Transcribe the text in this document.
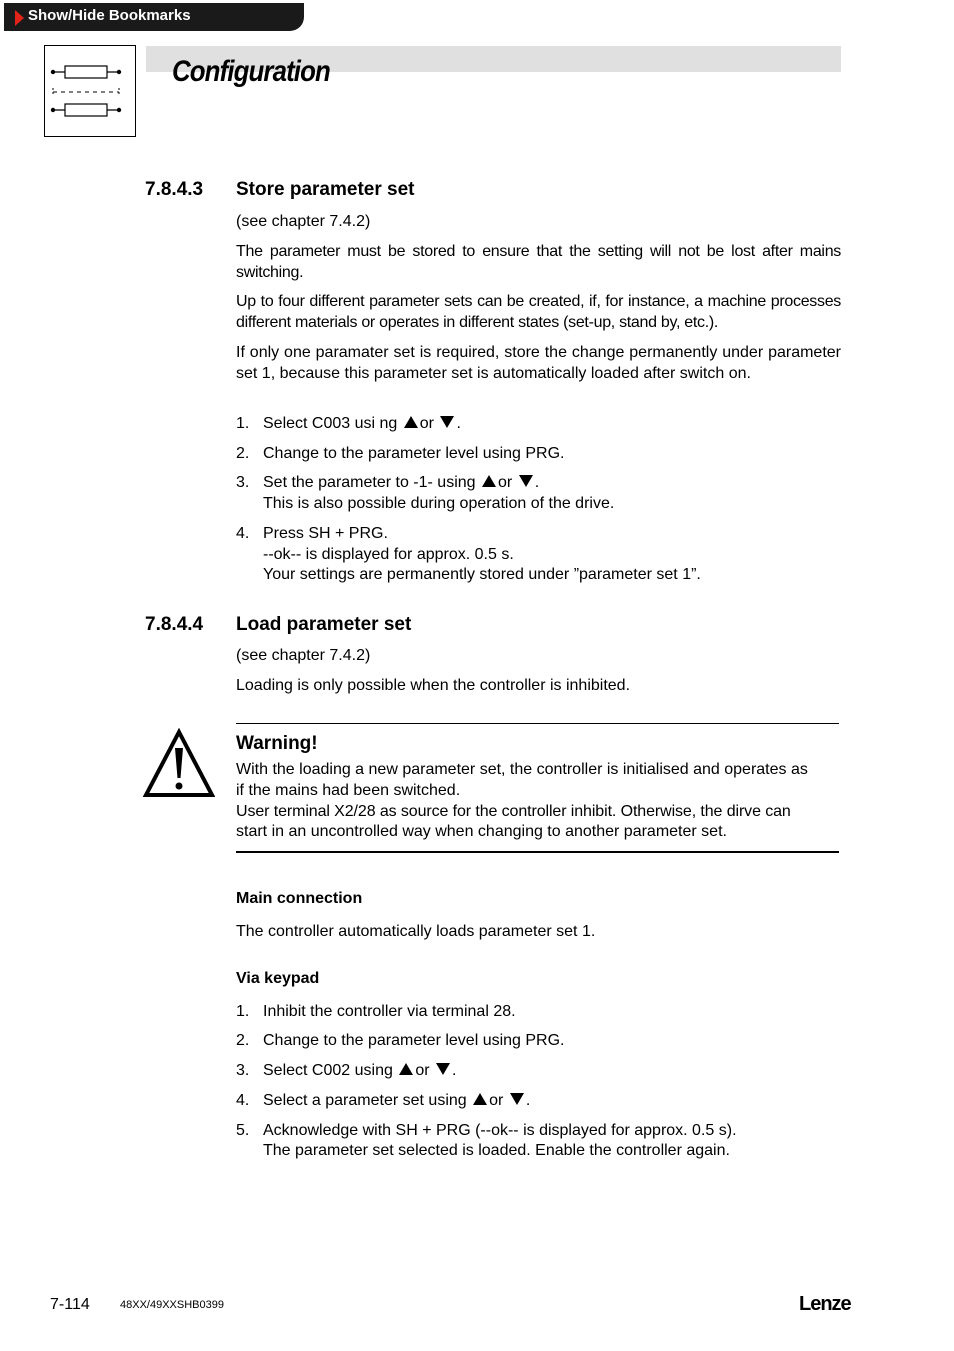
Show/Hide Bookmarks
Configuration
7.8.4.3 Store parameter set
(see chapter 7.4.2)

The parameter must be stored to ensure that the setting will not be lost after mains switching.

Up to four different parameter sets can be created, if, for instance, a machine processes different materials or operates in different states (set-up, stand by, etc.).

If only one paramater set is required, store the change permanently under parameter set 1, because this parameter set is automatically loaded after switch on.

1. Select C003 usi ng or .
2. Change to the parameter level using PRG.
3. Set the parameter to -1- using or .
This is also possible during operation of the drive.
4. Press SH + PRG.
--ok-- is displayed for approx. 0.5 s.
Your settings are permanently stored under ”parameter set 1”.
7.8.4.4 Load parameter set
(see chapter 7.4.2)
Loading is only possible when the controller is inhibited.
Warning!
With the loading a new parameter set, the controller is initialised and operates as
if the mains had been switched.
User terminal X2/28 as source for the controller inhibit. Otherwise, the dirve can
start in an uncontrolled way when changing to another parameter set.
Main connection
The controller automatically loads parameter set 1.
Via keypad
1. Inhibit the controller via terminal 28.
2. Change to the parameter level using PRG.
3. Select C002 using or .
4. Select a parameter set using or .
5. Acknowledge with SH + PRG (--ok-- is displayed for approx. 0.5 s).
The parameter set selected is loaded. Enable the controller again.
7-114	48XX/49XXSHB0399	Lenze
